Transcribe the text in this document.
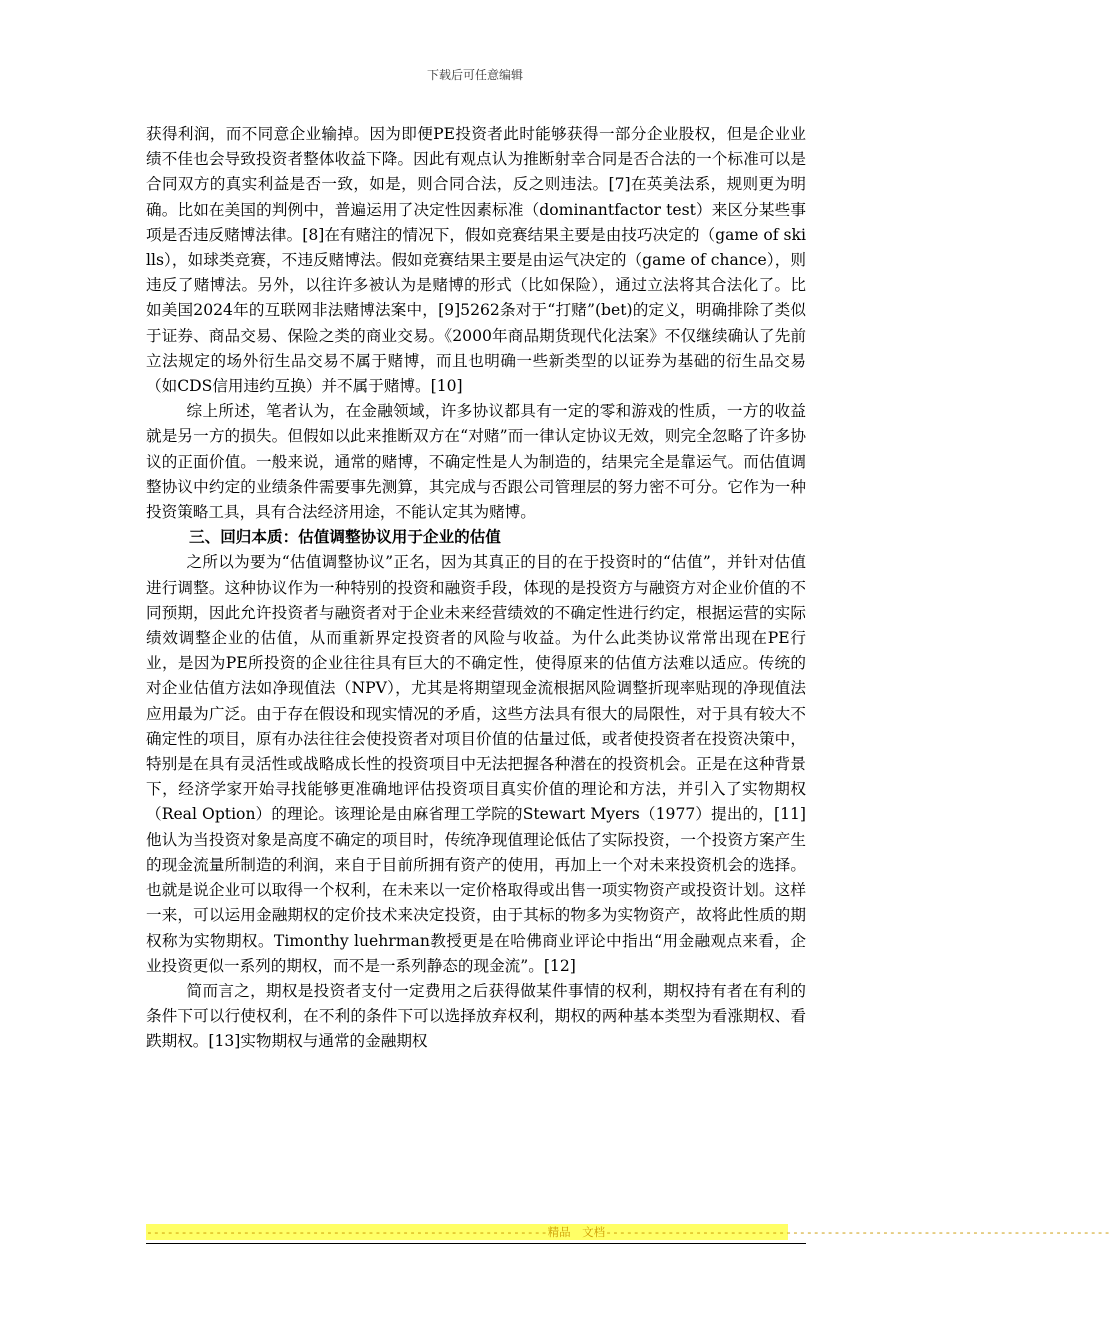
下载后可任意编辑

获得利润，而不同意企业输掉。因为即便PE投资者此时能够获得一部分企业股权，但是企业业绩不佳也会导致投资者整体收益下降。因此有观点认为推断射幸合同是否合法的一个标准可以是合同双方的真实利益是否一致，如是，则合同合法，反之则违法。[7]在英美法系，规则更为明确。比如在美国的判例中，普遍运用了决定性因素标准（dominantfactor test）来区分某些事项是否违反赌博法律。[8]在有赌注的情况下，假如竞赛结果主要是由技巧决定的（game of skills），如球类竞赛，不违反赌博法。假如竞赛结果主要是由运气决定的（game of chance），则违反了赌博法。另外，以往许多被认为是赌博的形式（比如保险），通过立法将其合法化了。比如美国2024年的互联网非法赌博法案中，[9]5262条对于“打赌”(bet)的定义，明确排除了类似于证券、商品交易、保险之类的商业交易。《2000年商品期货现代化法案》不仅继续确认了先前立法规定的场外衍生品交易不属于赌博，而且也明确一些新类型的以证券为基础的衍生品交易（如CDS信用违约互换）并不属于赌博。[10]

综上所述，笔者认为，在金融领域，许多协议都具有一定的零和游戏的性质，一方的收益就是另一方的损失。但假如以此来推断双方在“对赌”而一律认定协议无效，则完全忽略了许多协议的正面价值。一般来说，通常的赌博，不确定性是人为制造的，结果完全是靠运气。而估值调整协议中约定的业绩条件需要事先测算，其完成与否跟公司管理层的努力密不可分。它作为一种投资策略工具，具有合法经济用途，不能认定其为赌博。

三、回归本质：估值调整协议用于企业的估值

之所以为要为“估值调整协议”正名，因为其真正的目的在于投资时的“估值”，并针对估值进行调整。这种协议作为一种特别的投资和融资手段，体现的是投资方与融资方对企业价值的不同预期，因此允许投资者与融资者对于企业未来经营绩效的不确定性进行约定，根据运营的实际绩效调整企业的估值，从而重新界定投资者的风险与收益。为什么此类协议常常出现在PE行业，是因为PE所投资的企业往往具有巨大的不确定性，使得原来的估值方法难以适应。传统的对企业估值方法如净现值法（NPV），尤其是将期望现金流根据风险调整折现率贴现的净现值法应用最为广泛。由于存在假设和现实情况的矛盾，这些方法具有很大的局限性，对于具有较大不确定性的项目，原有办法往往会使投资者对项目价值的估量过低，或者使投资者在投资决策中，特别是在具有灵活性或战略成长性的投资项目中无法把握各种潜在的投资机会。正是在这种背景下，经济学家开始寻找能够更准确地评估投资项目真实价值的理论和方法，并引入了实物期权（Real Option）的理论。该理论是由麻省理工学院的Stewart Myers（1977）提出的，[11]他认为当投资对象是高度不确定的项目时，传统净现值理论低估了实际投资，一个投资方案产生的现金流量所制造的利润，来自于目前所拥有资产的使用，再加上一个对未来投资机会的选择。也就是说企业可以取得一个权利，在未来以一定价格取得或出售一项实物资产或投资计划。这样一来，可以运用金融期权的定价技术来决定投资，由于其标的物多为实物资产，故将此性质的期权称为实物期权。Timonthy luehrman教授更是在哈佛商业评论中指出“用金融观点来看，企业投资更似一系列的期权，而不是一系列静态的现金流”。[12]

简而言之，期权是投资者支付一定费用之后获得做某件事情的权利，期权持有者在有利的条件下可以行使权利，在不利的条件下可以选择放弃权利，期权的两种基本类型为看涨期权、看跌期权。[13]实物期权与通常的金融期权

----------------------------------------------------------精品　文档-------------------------------------------------------------------------
